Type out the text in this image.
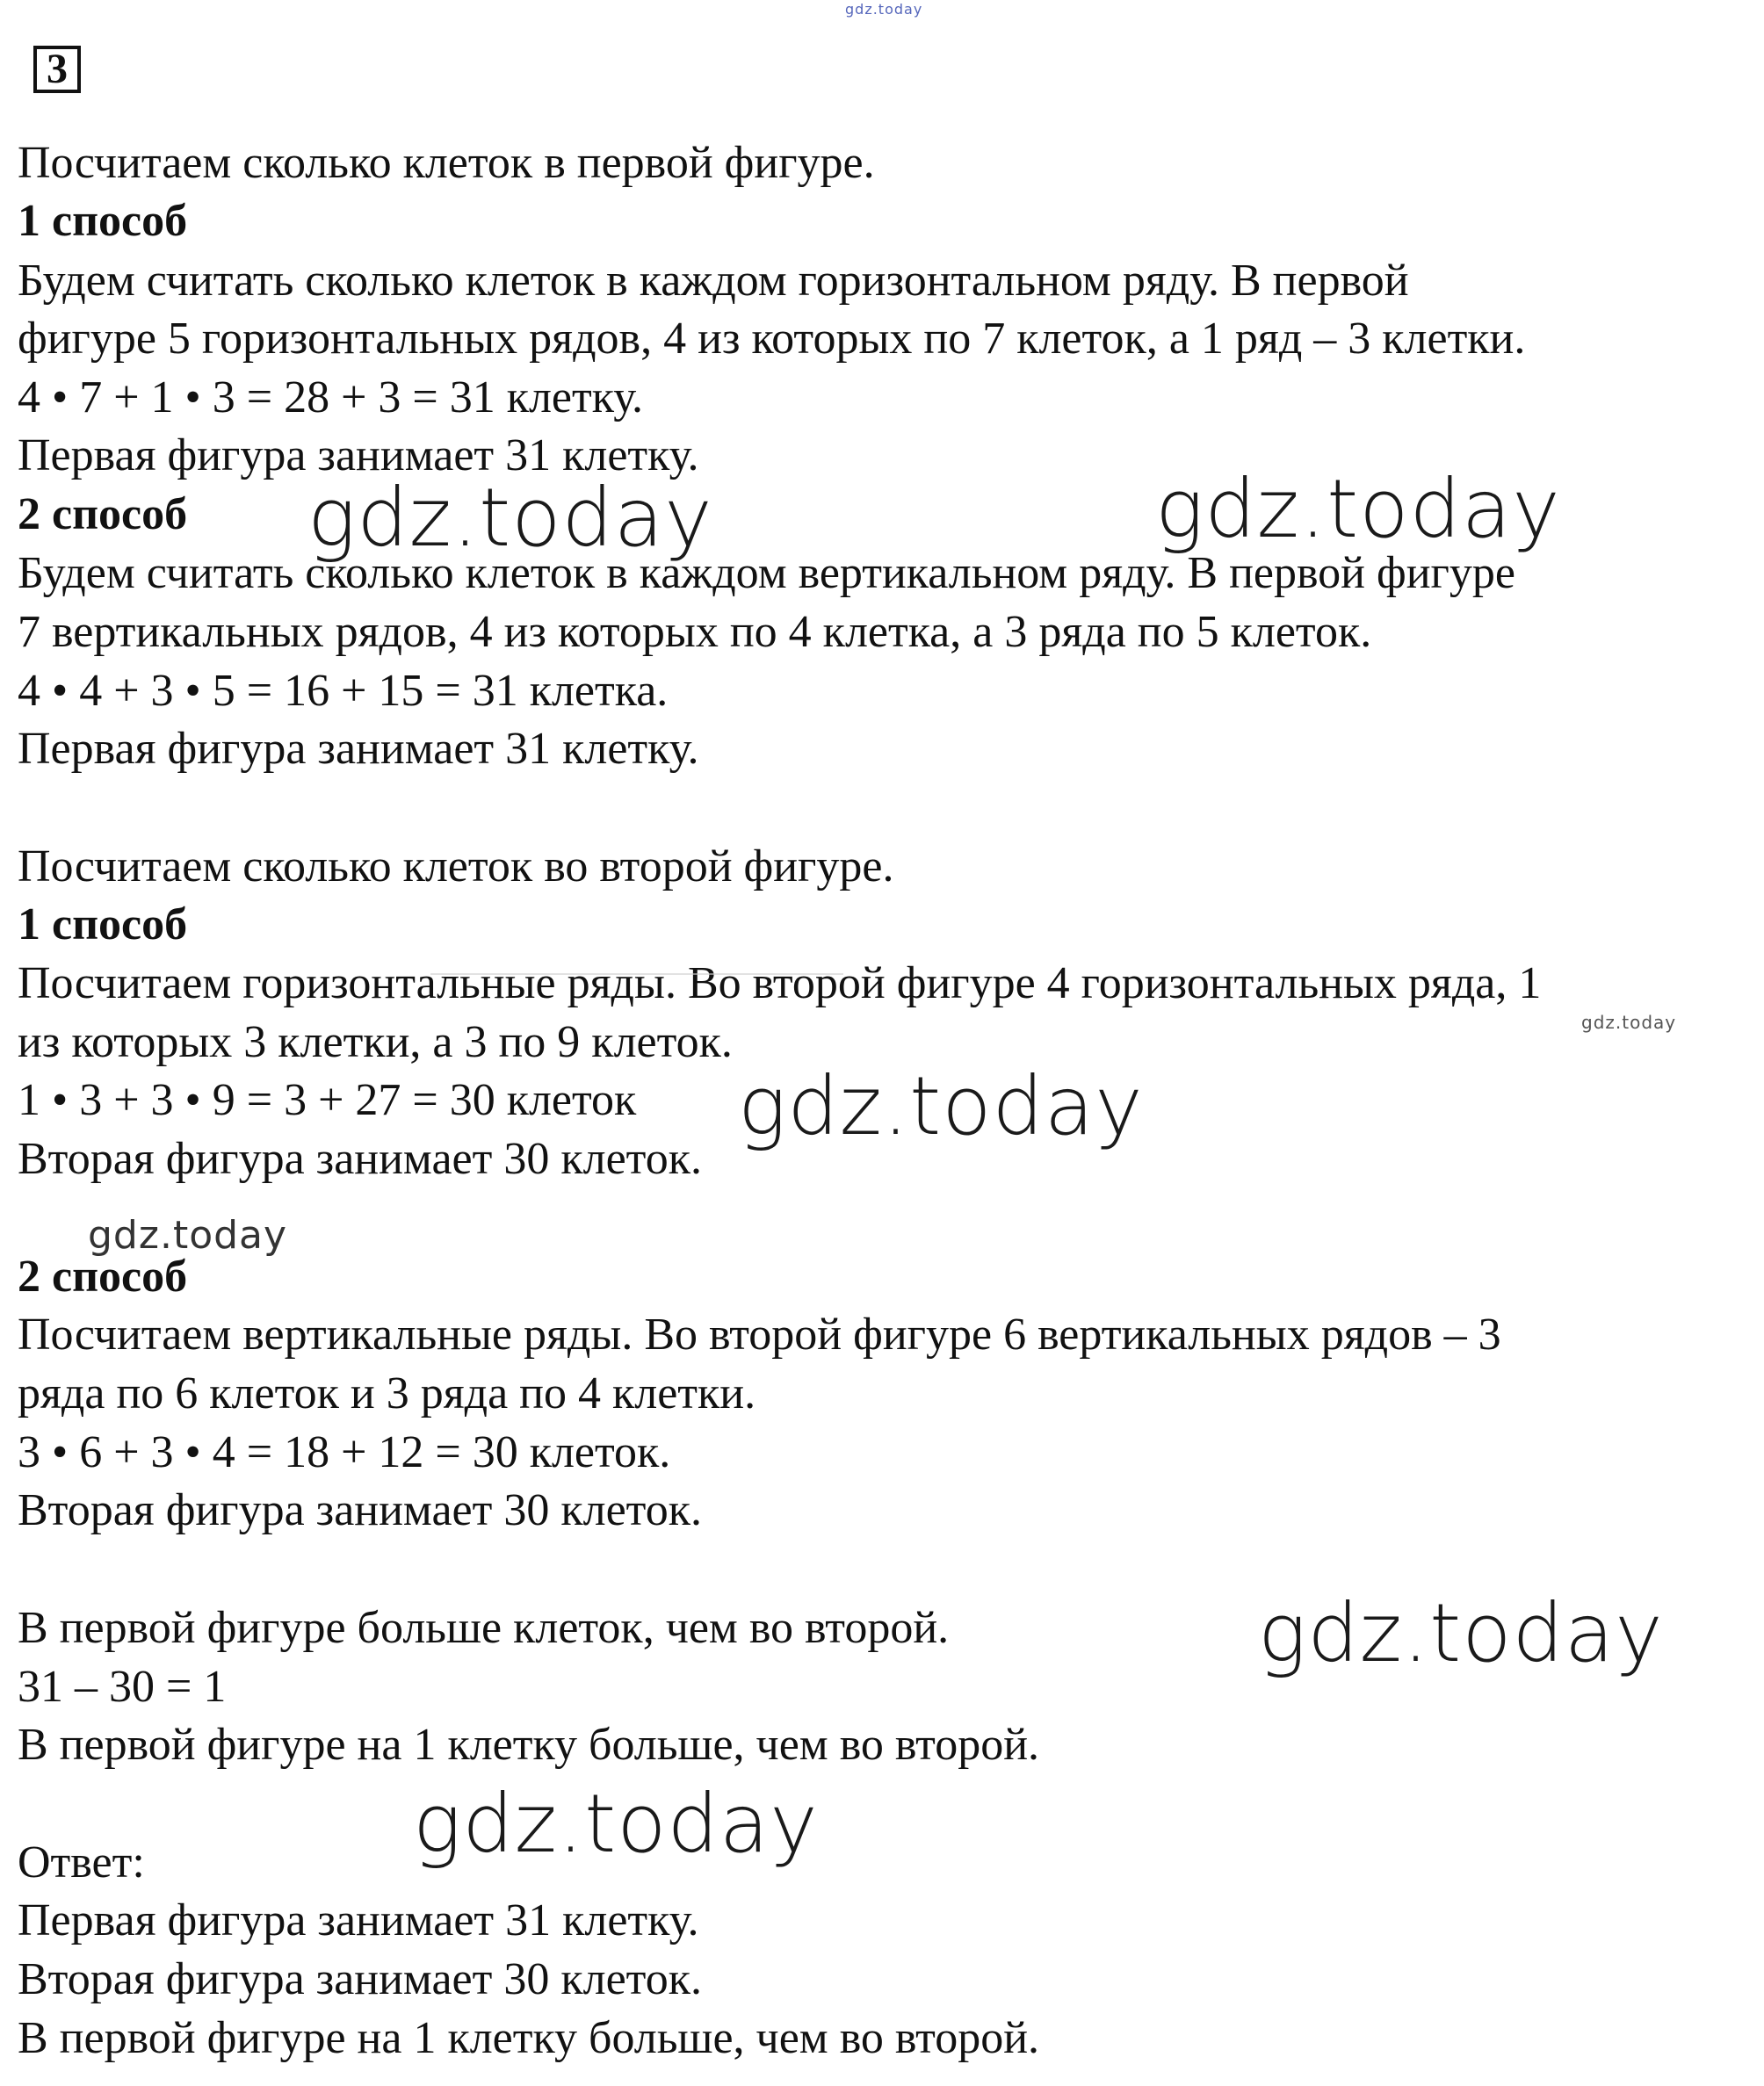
gdz.today
3
Посчитаем сколько клеток в первой фигуре.
1 способ
Будем считать сколько клеток в каждом горизонтальном ряду. В первой
фигуре 5 горизонтальных рядов, 4 из которых по 7 клеток, а 1 ряд – 3 клетки.
4 • 7 + 1 • 3 = 28 + 3 = 31 клетку.
Первая фигура занимает 31 клетку.
2 способ
Будем считать сколько клеток в каждом вертикальном ряду. В первой фигуре
7 вертикальных рядов, 4 из которых по 4 клетка, а 3 ряда по 5 клеток.
4 • 4 + 3 • 5 = 16 + 15 = 31 клетка.
Первая фигура занимает 31 клетку.
Посчитаем сколько клеток во второй фигуре.
1 способ
Посчитаем горизонтальные ряды. Во второй фигуре 4 горизонтальных ряда, 1
из которых 3 клетки, а 3 по 9 клеток.
1 • 3 + 3 • 9 = 3 + 27 = 30 клеток
Вторая фигура занимает 30 клеток.
2 способ
Посчитаем вертикальные ряды. Во второй фигуре 6 вертикальных рядов – 3
ряда по 6 клеток и 3 ряда по 4 клетки.
3 • 6 + 3 • 4 = 18 + 12 = 30 клеток.
Вторая фигура занимает 30 клеток.
В первой фигуре больше клеток, чем во второй.
31 – 30 = 1
В первой фигуре на 1 клетку больше, чем во второй.
Ответ:
Первая фигура занимает 31 клетку.
Вторая фигура занимает 30 клеток.
В первой фигуре на 1 клетку больше, чем во второй.
gdz.today	gdz.today
gdz.today
gdz.today
gdz.today
gdz.today
gdz.today
